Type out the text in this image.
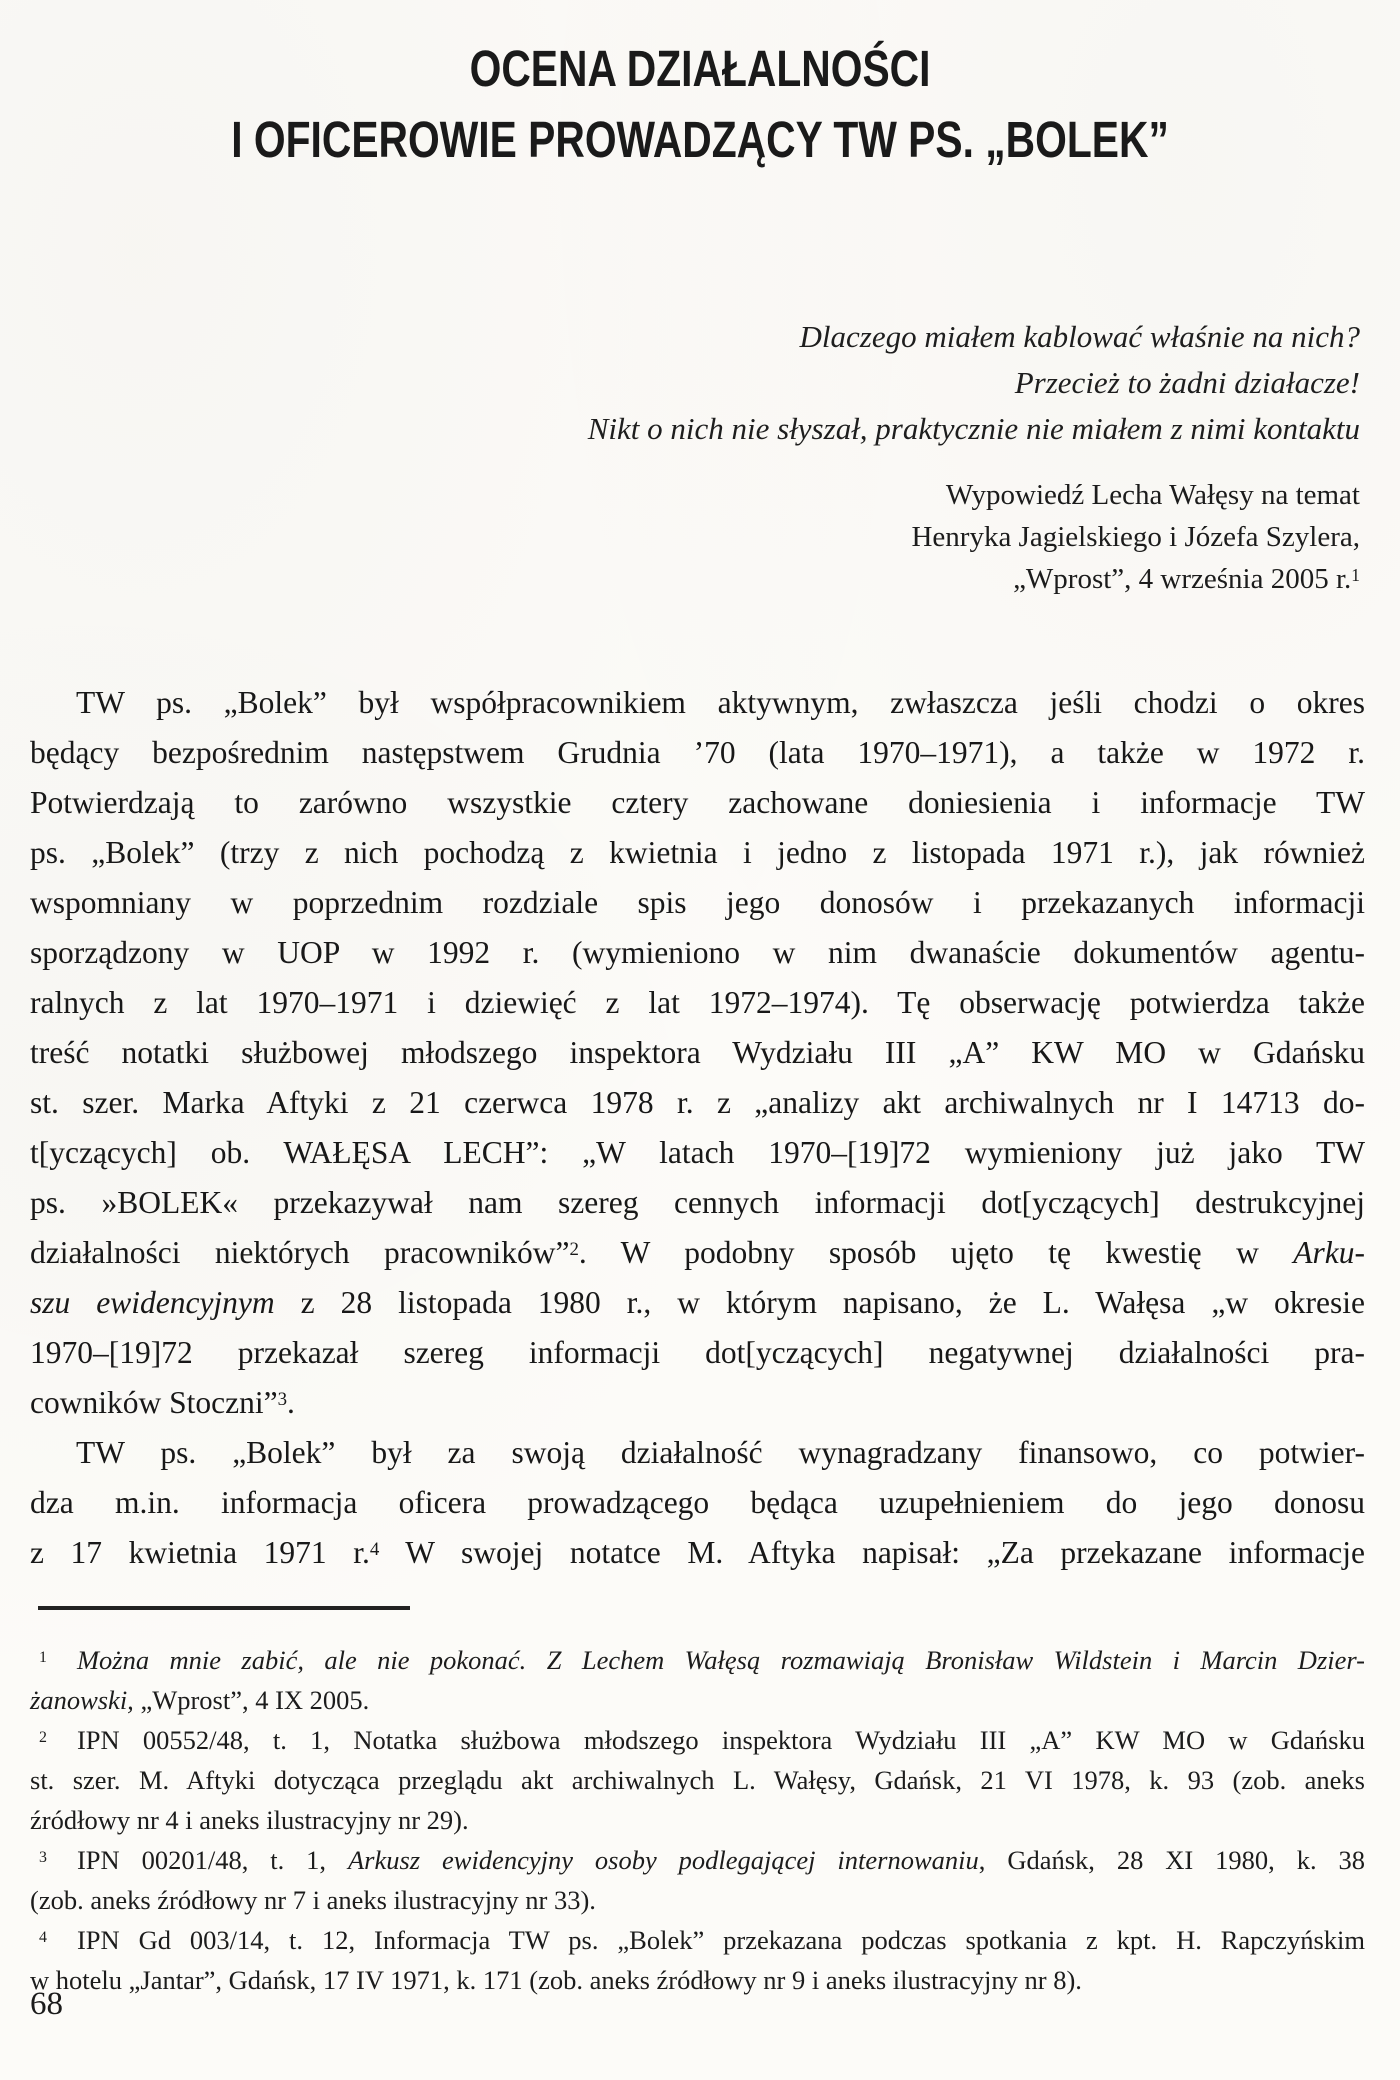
OCENA DZIAŁALNOŚCI
I OFICEROWIE PROWADZĄCY TW PS. „BOLEK”
Dlaczego miałem kablować właśnie na nich?
Przecież to żadni działacze!
Nikt o nich nie słyszał, praktycznie nie miałem z nimi kontaktu
Wypowiedź Lecha Wałęsy na temat
Henryka Jagielskiego i Józefa Szylera,
„Wprost”, 4 września 2005 r.$^1$
TW ps. „Bolek” był współpracownikiem aktywnym, zwłaszcza jeśli chodzi o okres
będący bezpośrednim następstwem Grudnia ’70 (lata 1970–1971), a także w 1972 r.
Potwierdzają to zarówno wszystkie cztery zachowane doniesienia i informacje TW
ps. „Bolek” (trzy z nich pochodzą z kwietnia i jedno z listopada 1971 r.), jak również
wspomniany w poprzednim rozdziale spis jego donosów i przekazanych informacji
sporządzony w UOP w 1992 r. (wymieniono w nim dwanaście dokumentów agentu-
ralnych z lat 1970–1971 i dziewięć z lat 1972–1974). Tę obserwację potwierdza także
treść notatki służbowej młodszego inspektora Wydziału III „A” KW MO w Gdańsku
st. szer. Marka Aftyki z 21 czerwca 1978 r. z „analizy akt archiwalnych nr I 14713 do-
t[yczących] ob. WAŁĘSA LECH”: „W latach 1970–[19]72 wymieniony już jako TW
ps. »BOLEK« przekazywał nam szereg cennych informacji dot[yczących] destrukcyjnej
działalności niektórych pracowników”$^2$. W podobny sposób ujęto tę kwestię w Arku-
szu ewidencyjnym z 28 listopada 1980 r., w którym napisano, że L. Wałęsa „w okresie
1970–[19]72 przekazał szereg informacji dot[yczących] negatywnej działalności pra-
cowników Stoczni”$^3$.
TW ps. „Bolek” był za swoją działalność wynagradzany finansowo, co potwier-
dza m.in. informacja oficera prowadzącego będąca uzupełnieniem do jego donosu
z 17 kwietnia 1971 r.$^4$ W swojej notatce M. Aftyka napisał: „Za przekazane informacje
$^1$ Można mnie zabić, ale nie pokonać. Z Lechem Wałęsą rozmawiają Bronisław Wildstein i Marcin Dzier-
żanowski, „Wprost”, 4 IX 2005.
$^2$ IPN 00552/48, t. 1, Notatka służbowa młodszego inspektora Wydziału III „A” KW MO w Gdańsku
st. szer. M. Aftyki dotycząca przeglądu akt archiwalnych L. Wałęsy, Gdańsk, 21 VI 1978, k. 93 (zob. aneks
źródłowy nr 4 i aneks ilustracyjny nr 29).
$^3$ IPN 00201/48, t. 1, Arkusz ewidencyjny osoby podlegającej internowaniu, Gdańsk, 28 XI 1980, k. 38
(zob. aneks źródłowy nr 7 i aneks ilustracyjny nr 33).
$^4$ IPN Gd 003/14, t. 12, Informacja TW ps. „Bolek” przekazana podczas spotkania z kpt. H. Rapczyńskim
w hotelu „Jantar”, Gdańsk, 17 IV 1971, k. 171 (zob. aneks źródłowy nr 9 i aneks ilustracyjny nr 8).
68
